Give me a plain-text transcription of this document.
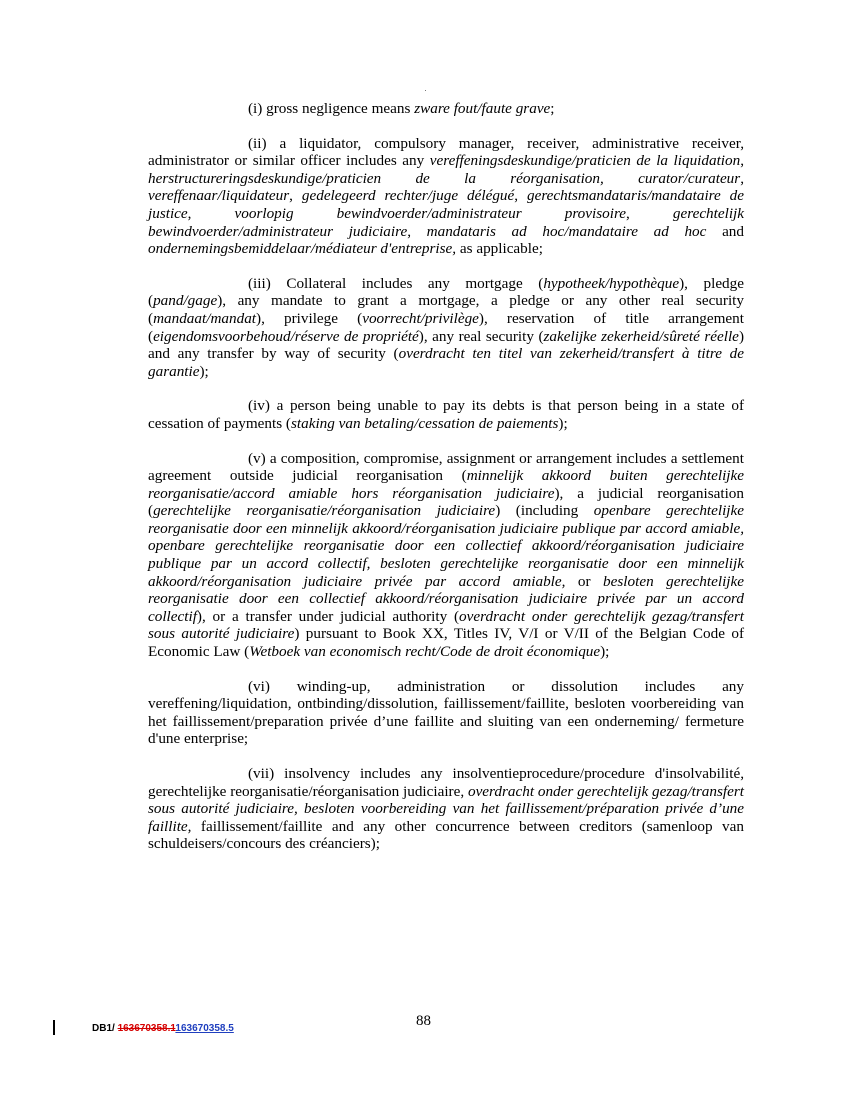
(i) gross negligence means zware fout/faute grave;

(ii) a liquidator, compulsory manager, receiver, administrative receiver, administrator or similar officer includes any vereffeningsdeskundige/praticien de la liquidation, herstructureringsdeskundige/praticien de la réorganisation, curator/curateur, vereffenaar/liquidateur, gedelegeerd rechter/juge délégué, gerechtsmandataris/mandataire de justice, voorlopig bewindvoerder/administrateur provisoire, gerechtelijk bewindvoerder/administrateur judiciaire, mandataris ad hoc/mandataire ad hoc and ondernemingsbemiddelaar/médiateur d'entreprise, as applicable;

(iii) Collateral includes any mortgage (hypotheek/hypothèque), pledge (pand/gage), any mandate to grant a mortgage, a pledge or any other real security (mandaat/mandat), privilege (voorrecht/privilège), reservation of title arrangement (eigendomsvoorbehoud/réserve de propriété), any real security (zakelijke zekerheid/sûreté réelle) and any transfer by way of security (overdracht ten titel van zekerheid/transfert à titre de garantie);

(iv) a person being unable to pay its debts is that person being in a state of cessation of payments (staking van betaling/cessation de paiements);

(v) a composition, compromise, assignment or arrangement includes a settlement agreement outside judicial reorganisation (minnelijk akkoord buiten gerechtelijke reorganisatie/accord amiable hors réorganisation judiciaire), a judicial reorganisation (gerechtelijke reorganisatie/réorganisation judiciaire) (including openbare gerechtelijke reorganisatie door een minnelijk akkoord/réorganisation judiciaire publique par accord amiable, openbare gerechtelijke reorganisatie door een collectief akkoord/réorganisation judiciaire publique par un accord collectif, besloten gerechtelijke reorganisatie door een minnelijk akkoord/réorganisation judiciaire privée par accord amiable, or besloten gerechtelijke reorganisatie door een collectief akkoord/réorganisation judiciaire privée par un accord collectif), or a transfer under judicial authority (overdracht onder gerechtelijk gezag/transfert sous autorité judiciaire) pursuant to Book XX, Titles IV, V/I or V/II of the Belgian Code of Economic Law (Wetboek van economisch recht/Code de droit économique);

(vi) winding-up, administration or dissolution includes any vereffening/liquidation, ontbinding/dissolution, faillissement/faillite, besloten voorbereiding van het faillissement/preparation privée d’une faillite and sluiting van een onderneming/ fermeture d'une enterprise;

(vii) insolvency includes any insolventieprocedure/procedure d'insolvabilité, gerechtelijke reorganisatie/réorganisation judiciaire, overdracht onder gerechtelijk gezag/transfert sous autorité judiciaire, besloten voorbereiding van het faillissement/préparation privée d’une faillite, faillissement/faillite and any other concurrence between creditors (samenloop van schuldeisers/concours des créanciers);

DB1/ 163670358.1163670358.5	88
